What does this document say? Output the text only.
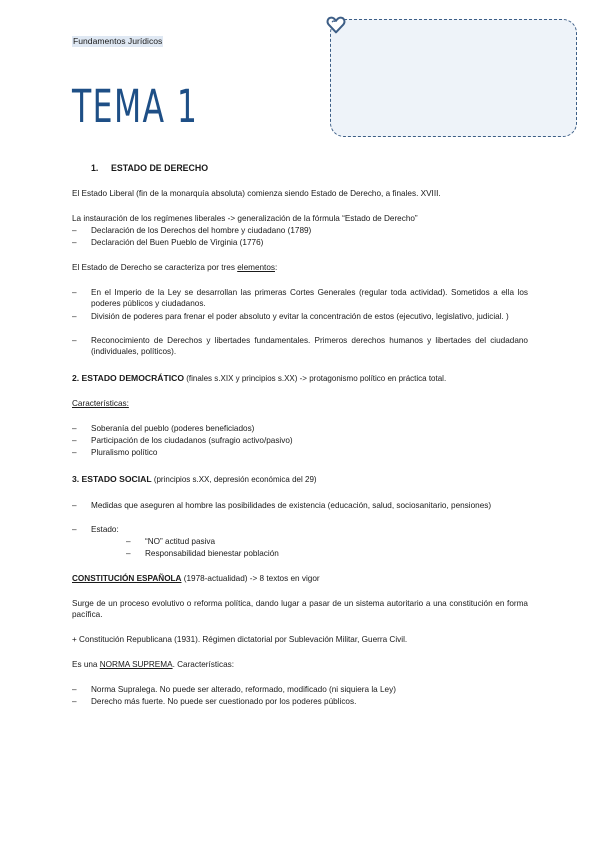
Fundamentos Jurídicos
TEMA 1
1. ESTADO DE DERECHO
El Estado Liberal (fin de la monarquía absoluta) comienza siendo Estado de Derecho, a finales. XVIII.
La instauración de los regímenes liberales -> generalización de la fórmula “Estado de Derecho”
– Declaración de los Derechos del hombre y ciudadano (1789)
– Declaración del Buen Pueblo de Virginia (1776)
El Estado de Derecho se caracteriza por tres elementos:
– En el Imperio de la Ley se desarrollan las primeras Cortes Generales (regular toda actividad). Sometidos a ella los poderes públicos y ciudadanos.
– División de poderes para frenar el poder absoluto y evitar la concentración de estos (ejecutivo, legislativo, judicial. )
– Reconocimiento de Derechos y libertades fundamentales. Primeros derechos humanos y libertades del ciudadano (individuales, políticos).
2. ESTADO DEMOCRÁTICO (finales s.XIX y principios s.XX) -> protagonismo político en práctica total.
Características:
– Soberanía del pueblo (poderes beneficiados)
– Participación de los ciudadanos (sufragio activo/pasivo)
– Pluralismo político
3. ESTADO SOCIAL (principios s.XX, depresión económica del 29)
– Medidas que aseguren al hombre las posibilidades de existencia (educación, salud, sociosanitario, pensiones)
– Estado:
– “NO” actitud pasiva
– Responsabilidad bienestar población
CONSTITUCIÓN ESPAÑOLA (1978-actualidad) -> 8 textos en vigor
Surge de un proceso evolutivo o reforma política, dando lugar a pasar de un sistema autoritario a una constitución en forma pacífica.
+ Constitución Republicana (1931). Régimen dictatorial por Sublevación Militar, Guerra Civil.
Es una NORMA SUPREMA. Características:
– Norma Supralega. No puede ser alterado, reformado, modificado (ni siquiera la Ley)
– Derecho más fuerte. No puede ser cuestionado por los poderes públicos.
